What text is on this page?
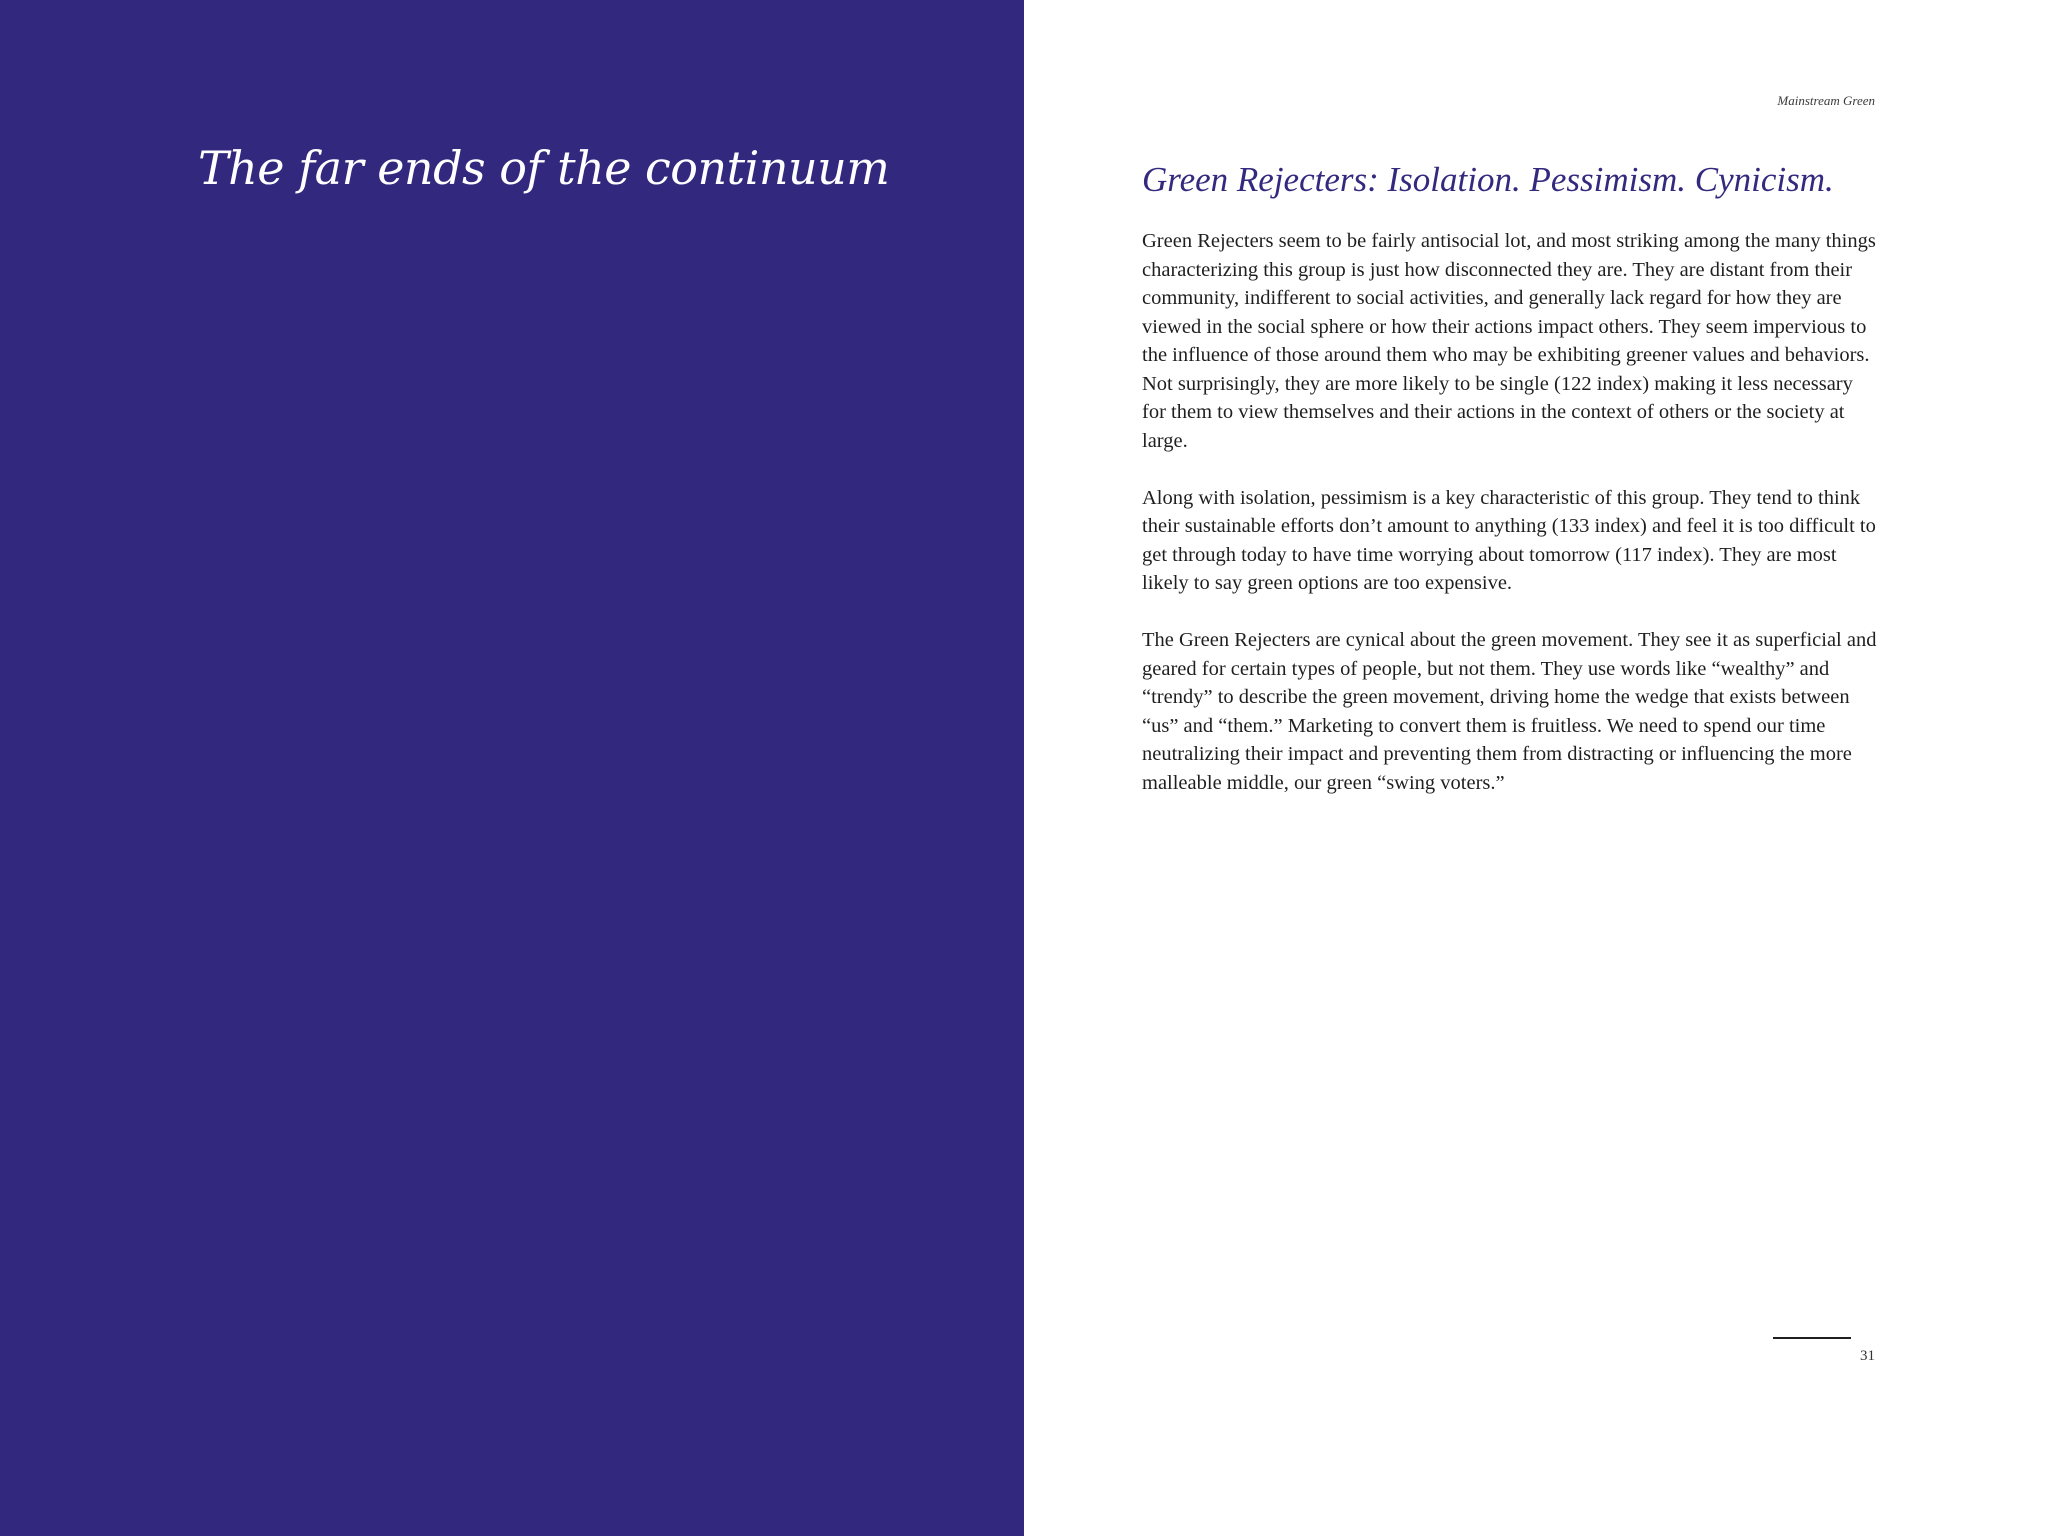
The far ends of the continuum
Mainstream Green
Green Rejecters: Isolation. Pessimism. Cynicism.

Green Rejecters seem to be fairly antisocial lot, and most striking among the many things characterizing this group is just how disconnected they are. They are distant from their community, indifferent to social activities, and generally lack regard for how they are viewed in the social sphere or how their actions impact others. They seem impervious to the influence of those around them who may be exhibiting greener values and behaviors. Not surprisingly, they are more likely to be single (122 index) making it less necessary for them to view themselves and their actions in the context of others or the society at large.

Along with isolation, pessimism is a key characteristic of this group. They tend to think their sustainable efforts don’t amount to anything (133 index) and feel it is too difficult to get through today to have time worrying about tomorrow (117 index). They are most likely to say green options are too expensive.

The Green Rejecters are cynical about the green movement. They see it as superficial and geared for certain types of people, but not them. They use words like “wealthy” and “trendy” to describe the green movement, driving home the wedge that exists between “us” and “them.” Marketing to convert them is fruitless. We need to spend our time neutralizing their impact and preventing them from distracting or influencing the more malleable middle, our green “swing voters.”

31
